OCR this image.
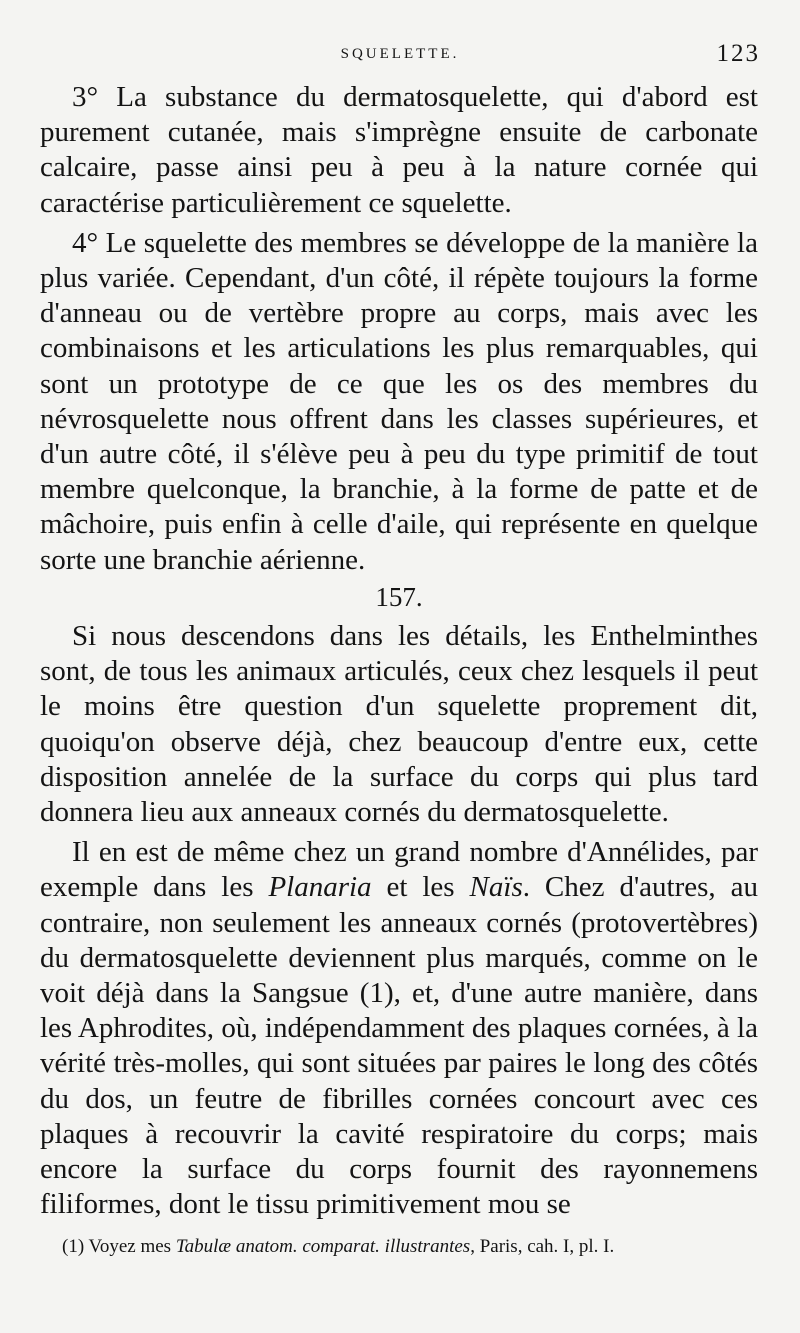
SQUELETTE.	123

3° La substance du dermatosquelette, qui d'abord est purement cutanée, mais s'imprègne ensuite de carbonate calcaire, passe ainsi peu à peu à la nature cornée qui caractérise particulièrement ce squelette.

4° Le squelette des membres se développe de la manière la plus variée. Cependant, d'un côté, il répète toujours la forme d'anneau ou de vertèbre propre au corps, mais avec les combinaisons et les articulations les plus remarquables, qui sont un prototype de ce que les os des membres du névrosquelette nous offrent dans les classes supérieures, et d'un autre côté, il s'élève peu à peu du type primitif de tout membre quelconque, la branchie, à la forme de patte et de mâchoire, puis enfin à celle d'aile, qui représente en quelque sorte une branchie aérienne.

157.

Si nous descendons dans les détails, les Enthelminthes sont, de tous les animaux articulés, ceux chez lesquels il peut le moins être question d'un squelette proprement dit, quoiqu'on observe déjà, chez beaucoup d'entre eux, cette disposition annelée de la surface du corps qui plus tard donnera lieu aux anneaux cornés du dermatosquelette.

Il en est de même chez un grand nombre d'Annélides, par exemple dans les Planaria et les Naïs. Chez d'autres, au contraire, non seulement les anneaux cornés (protovertèbres) du dermatosquelette deviennent plus marqués, comme on le voit déjà dans la Sangsue (1), et, d'une autre manière, dans les Aphrodites, où, indépendamment des plaques cornées, à la vérité très-molles, qui sont situées par paires le long des côtés du dos, un feutre de fibrilles cornées concourt avec ces plaques à recouvrir la cavité respiratoire du corps; mais encore la surface du corps fournit des rayonnemens filiformes, dont le tissu primitivement mou se

(1) Voyez mes Tabulæ anatom. comparat. illustrantes, Paris, cah. I, pl. I.
